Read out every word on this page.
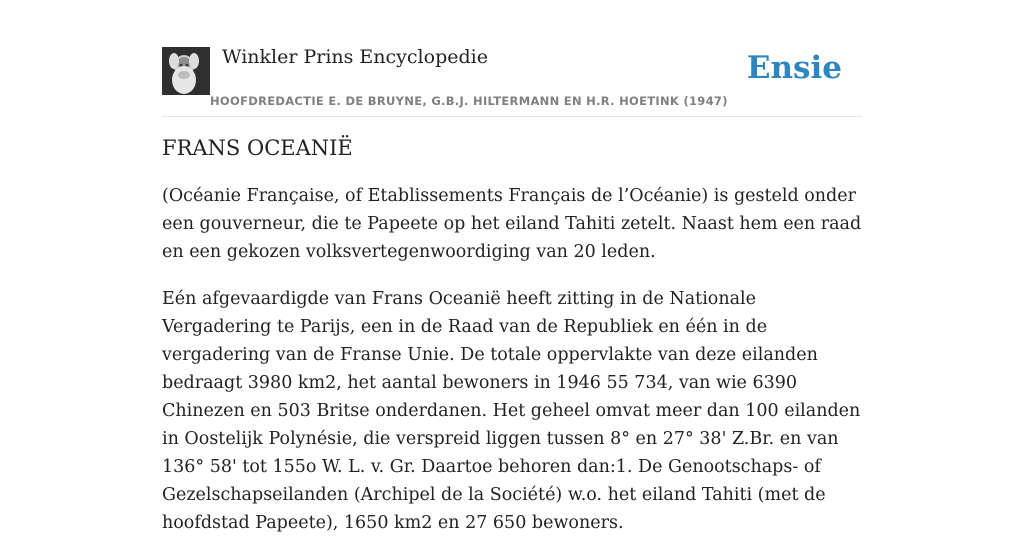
Winkler Prins Encyclopedie
HOOFDREDACTIE E. DE BRUYNE, G.B.J. HILTERMANN EN H.R. HOETINK (1947)
Ensie
FRANS OCEANIË

(Océanie Française, of Etablissements Français de l’Océanie) is gesteld onder een gouverneur, die te Papeete op het eiland Tahiti zetelt. Naast hem een raad en een gekozen volksvertegenwoordiging van 20 leden.

Eén afgevaardigde van Frans Oceanië heeft zitting in de Nationale Vergadering te Parijs, een in de Raad van de Republiek en één in de vergadering van de Franse Unie. De totale oppervlakte van deze eilanden bedraagt 3980 km2, het aantal bewoners in 1946 55 734, van wie 6390 Chinezen en 503 Britse onderdanen. Het geheel omvat meer dan 100 eilanden in Oostelijk Polynésie, die verspreid liggen tussen 8° en 27° 38' Z.Br. en van 136° 58' tot 155o W. L. v. Gr. Daartoe behoren dan:1. De Genootschaps- of Gezelschapseilanden (Archipel de la Société) w.o. het eiland Tahiti (met de hoofdstad Papeete), 1650 km2 en 27 650 bewoners.
